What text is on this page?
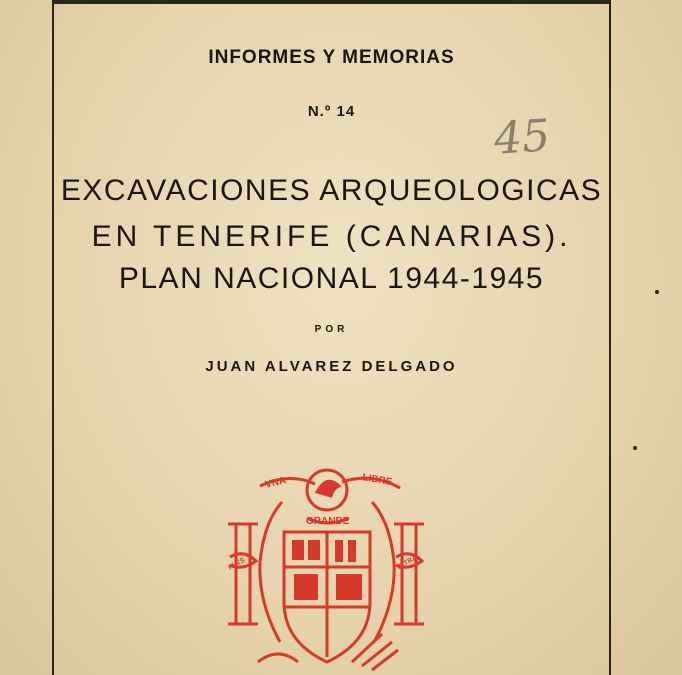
INFORMES Y MEMORIAS
N.º 14	45
EXCAVACIONES ARQUEOLOGICAS
EN TENERIFE (CANARIAS).
PLAN NACIONAL 1944-1945
POR
JUAN ALVAREZ DELGADO
VNA
GRANDE
LIBRE
PLVS	VLTRA
